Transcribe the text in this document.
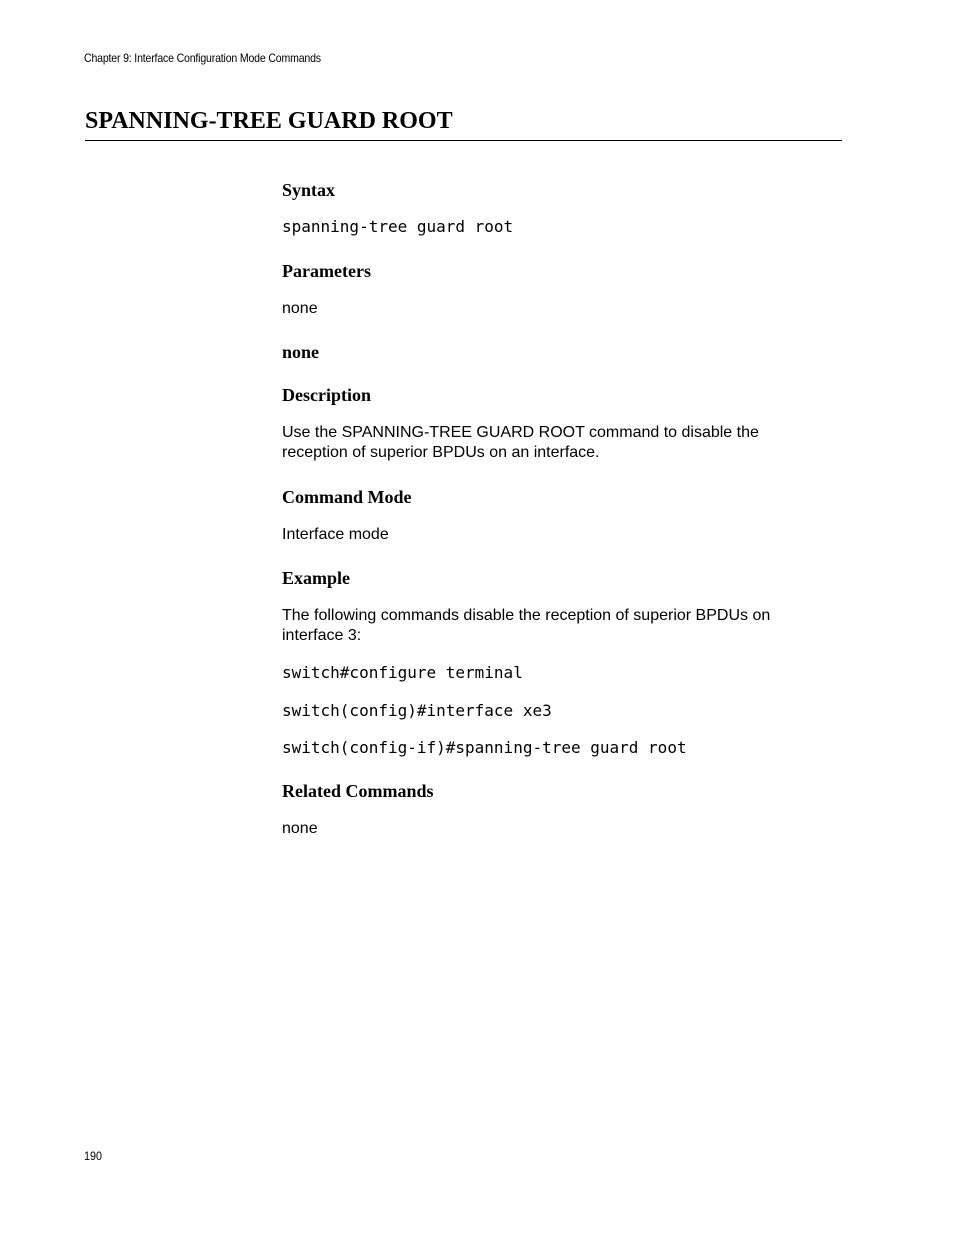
Chapter 9: Interface Configuration Mode Commands
SPANNING-TREE GUARD ROOT
Syntax
spanning-tree guard root
Parameters

none

none
Description

Use the SPANNING-TREE GUARD ROOT command to disable the reception of superior BPDUs on an interface.

Command Mode

Interface mode

Example

The following commands disable the reception of superior BPDUs on interface 3:

switch#configure terminal
switch(config)#interface xe3
switch(config-if)#spanning-tree guard root
Related Commands

none

190
